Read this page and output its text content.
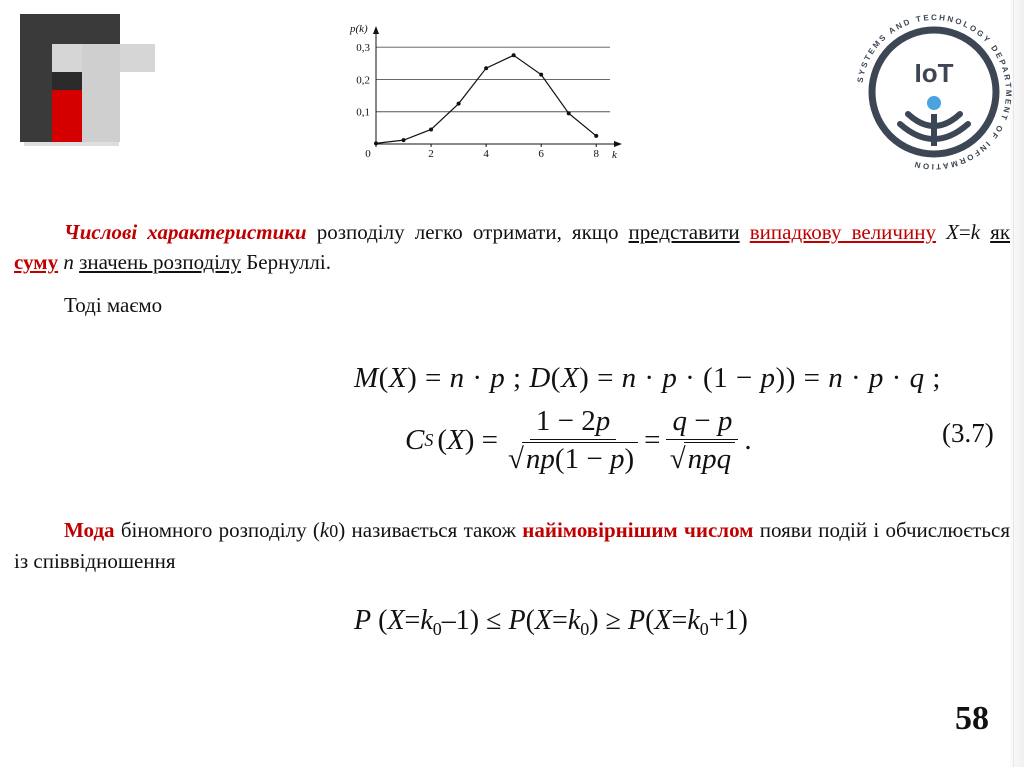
SYSTEMS AND TECHNOLOGY DEPARTMENT OF INFORMATION
IoT
0,1
0,2
0,3
0	2	4	6	8
p(k)
k
Числові характеристики розподілу легко отримати, якщо представити випадкову величину X=k як суму n значень розподілу Бернуллі.
Тоді маємо
M(X) = n · p ; D(X) = n · p · (1 − p)) = n · p · q ;
C S ( X ) = $\frac{1 - 2p}{√np(1 - p)} = \frac{q - p}{\text{√npq}}$ .	(3.7)
Мода біномного розподілу (k0) називається також найімовірнішим числом появи подій і обчислюється із співвідношення
P $(X=k_0-1) \le P(X=k_0) \ge P(X=k_0+1)$
58
